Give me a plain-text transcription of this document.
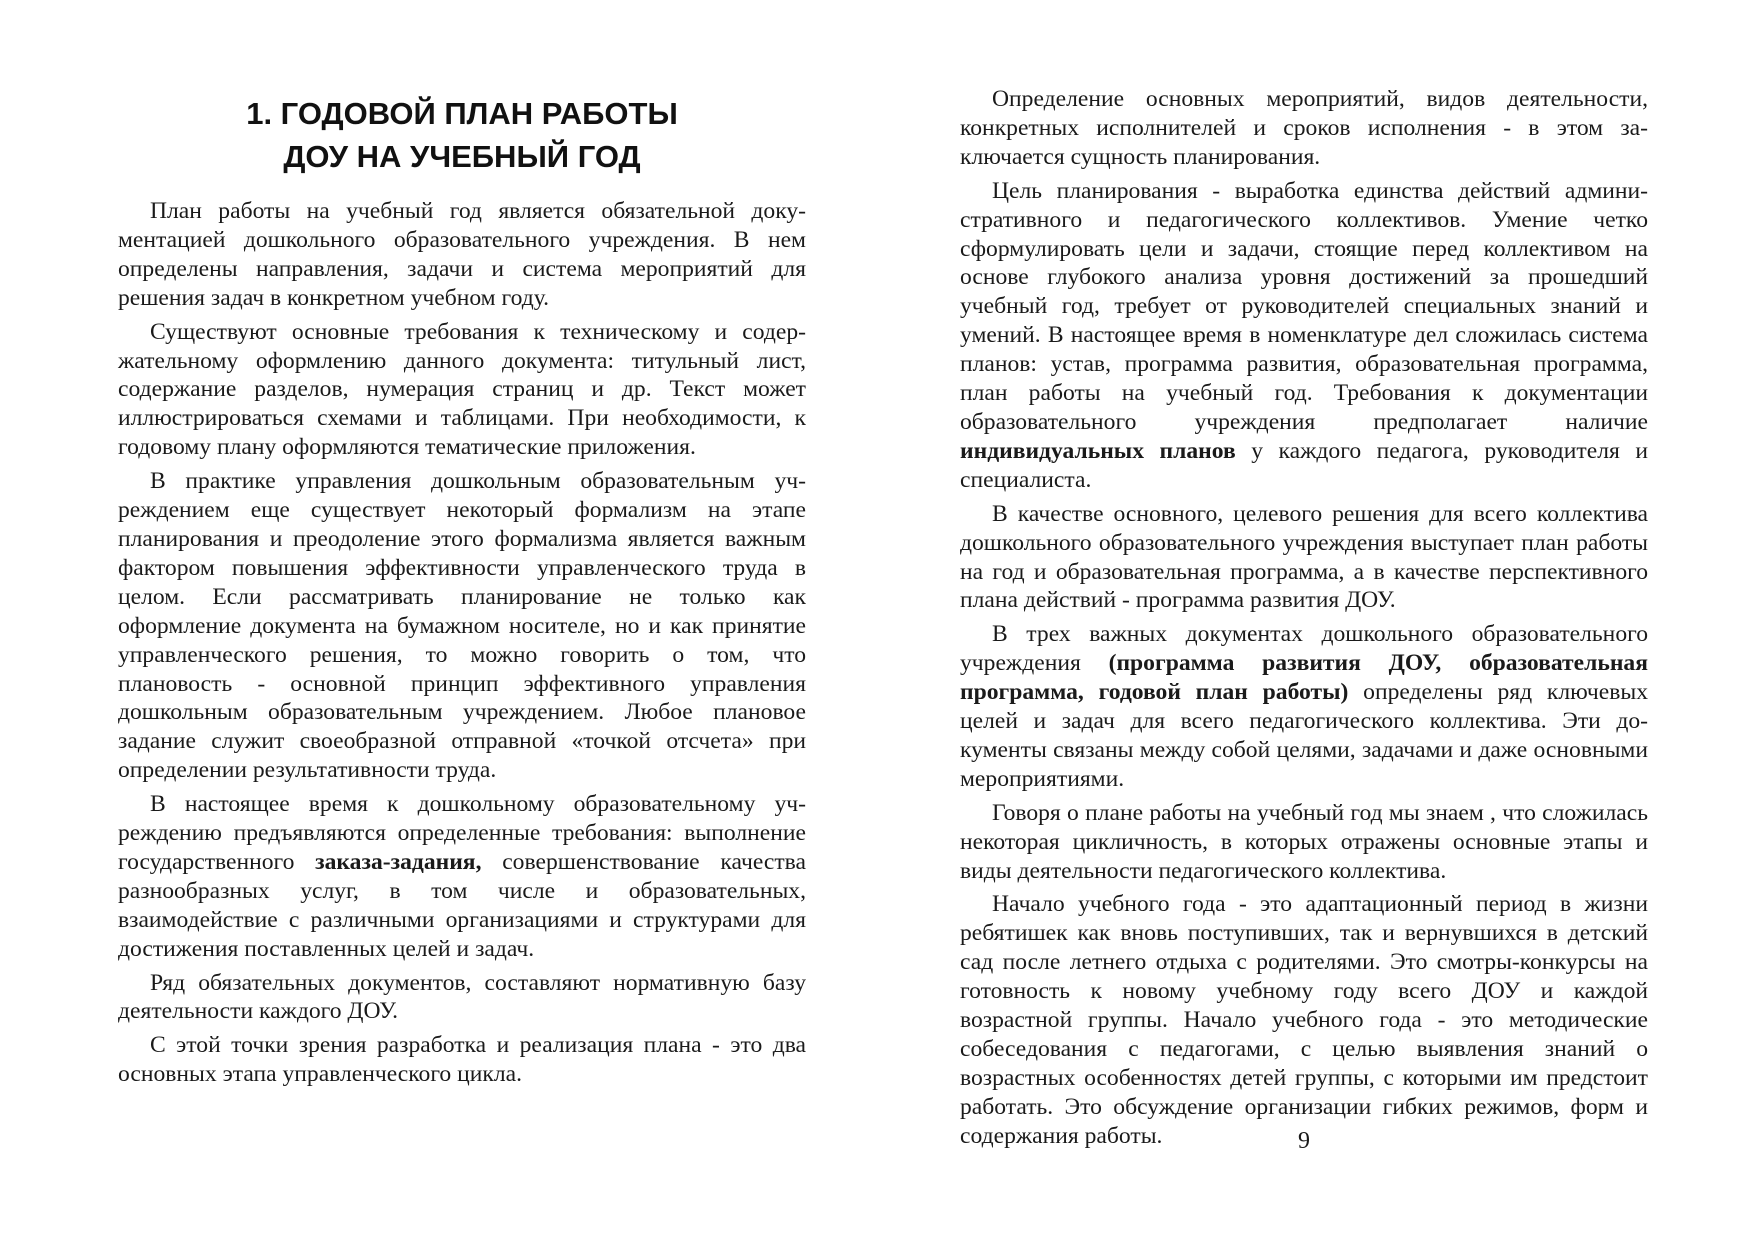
1. ГОДОВОЙ ПЛАН РАБОТЫ
ДОУ НА УЧЕБНЫЙ ГОД

План работы на учебный год является обязательной документацией дошкольного образовательного учреждения. В нем определены направления, задачи и система мероприятий для решения задач в конкретном учебном году.

Существуют основные требования к техническому и содержательному оформлению данного документа: титульный лист, содержание разделов, нумерация страниц и др. Текст может иллюстрироваться схемами и таблицами. При необходимости, к годовому плану оформляются тематические приложения.

В практике управления дошкольным образовательным учреждением еще существует некоторый формализм на этапе планирования и преодоление этого формализма является важным фактором повышения эффективности управленческого труда в целом. Если рассматривать планирование не только как оформление документа на бумажном носителе, но и как принятие управленческого решения, то можно говорить о том, что плановость - основной принцип эффективного управления дошкольным образовательным учреждением. Любое плановое задание служит своеобразной отправной «точкой отсчета» при определении результативности труда.

В настоящее время к дошкольному образовательному учреждению предъявляются определенные требования: выполнение государственного заказа-задания, совершенствование качества разнообразных услуг, в том числе и образовательных, взаимодействие с различными организациями и структурами для достижения поставленных целей и задач.

Ряд обязательных документов, составляют нормативную базу деятельности каждого ДОУ.

С этой точки зрения разработка и реализация плана - это два основных этапа управленческого цикла.

Определение основных мероприятий, видов деятельности, конкретных исполнителей и сроков исполнения - в этом заключается сущность планирования.

Цель планирования - выработка единства действий административного и педагогического коллективов. Умение четко сформулировать цели и задачи, стоящие перед коллективом на основе глубокого анализа уровня достижений за прошедший учебный год, требует от руководителей специальных знаний и умений. В настоящее время в номенклатуре дел сложилась система планов: устав, программа развития, образовательная программа, план работы на учебный год. Требования к документации образовательного учреждения предполагает наличие индивидуальных планов у каждого педагога, руководителя и специалиста.

В качестве основного, целевого решения для всего коллектива дошкольного образовательного учреждения выступает план работы на год и образовательная программа, а в качестве перспективного плана действий - программа развития ДОУ.

В трех важных документах дошкольного образовательного учреждения (программа развития ДОУ, образовательная программа, годовой план работы) определены ряд ключевых целей и задач для всего педагогического коллектива. Эти документы связаны между собой целями, задачами и даже основными мероприятиями.

Говоря о плане работы на учебный год мы знаем , что сложилась некоторая цикличность, в которых отражены основные этапы и виды деятельности педагогического коллектива.

Начало учебного года - это адаптационный период в жизни ребятишек как вновь поступивших, так и вернувшихся в детский сад после летнего отдыха с родителями. Это смотры-конкурсы на готовность к новому учебному году всего ДОУ и каждой возрастной группы. Начало учебного года - это методические собеседования с педагогами, с целью выявления знаний о возрастных особенностях детей группы, с которыми им предстоит работать. Это обсуждение организации гибких режимов, форм и содержания работы.	9
